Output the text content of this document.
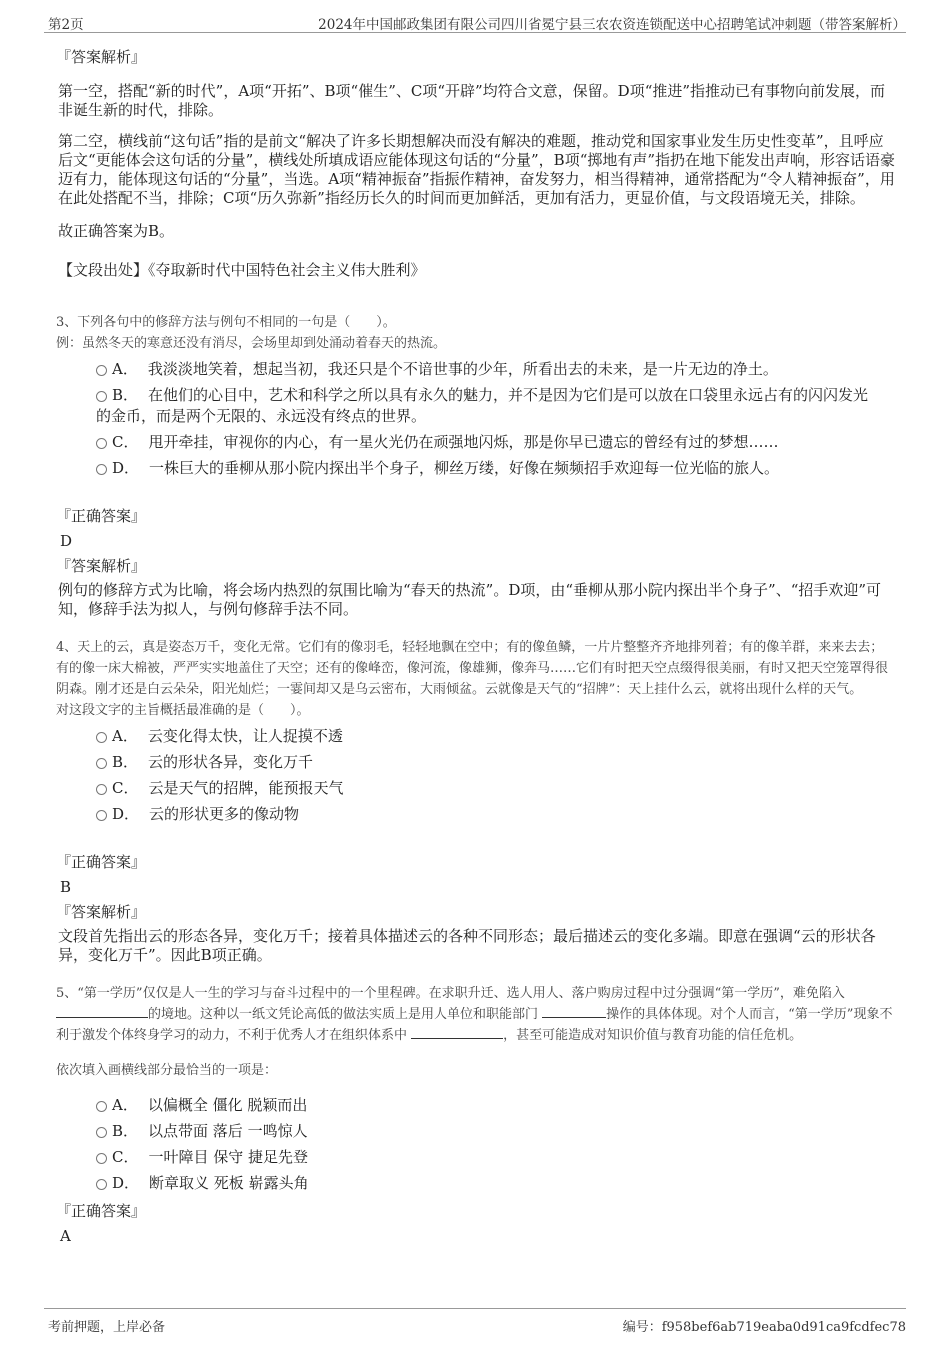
第2页	2024年中国邮政集团有限公司四川省冕宁县三农农资连锁配送中心招聘笔试冲刺题（带答案解析）
『答案解析』
第一空，搭配“新的时代”，A项“开拓”、B项“催生”、C项“开辟”均符合文意，保留。D项“推进”指推动已有事物向前发展，而非诞生新的时代，排除。
第二空，横线前“这句话”指的是前文“解决了许多长期想解决而没有解决的难题，推动党和国家事业发生历史性变革”，且呼应后文“更能体会这句话的分量”，横线处所填成语应能体现这句话的“分量”，B项“掷地有声”指扔在地下能发出声响，形容话语豪迈有力，能体现这句话的“分量”，当选。A项“精神振奋”指振作精神，奋发努力，相当得精神，通常搭配为“令人精神振奋”，用在此处搭配不当，排除；C项“历久弥新”指经历长久的时间而更加鲜活，更加有活力，更显价值，与文段语境无关，排除。
故正确答案为B。
【文段出处】《夺取新时代中国特色社会主义伟大胜利》
3、下列各句中的修辞方法与例句不相同的一句是（　　）。
例：虽然冬天的寒意还没有消尽，会场里却到处涌动着春天的热流。
A． 我淡淡地笑着，想起当初，我还只是个不谙世事的少年，所看出去的未来，是一片无边的净土。
B． 在他们的心目中，艺术和科学之所以具有永久的魅力，并不是因为它们是可以放在口袋里永远占有的闪闪发光
的金币，而是两个无限的、永远没有终点的世界。
C． 甩开牵挂，审视你的内心，有一星火光仍在顽强地闪烁，那是你早已遗忘的曾经有过的梦想……
D． 一株巨大的垂柳从那小院内探出半个身子，柳丝万缕，好像在频频招手欢迎每一位光临的旅人。
『正确答案』
D
『答案解析』
例句的修辞方式为比喻，将会场内热烈的氛围比喻为“春天的热流”。D项，由“垂柳从那小院内探出半个身子”、“招手欢迎”可知，修辞手法为拟人，与例句修辞手法不同。
4、天上的云，真是姿态万千，变化无常。它们有的像羽毛，轻轻地飘在空中；有的像鱼鳞，一片片整整齐齐地排列着；有的像羊群，来来去去；有的像一床大棉被，严严实实地盖住了天空；还有的像峰峦，像河流，像雄狮，像奔马……它们有时把天空点缀得很美丽，有时又把天空笼罩得很阴森。刚才还是白云朵朵，阳光灿烂；一霎间却又是乌云密布，大雨倾盆。云就像是天气的“招牌”：天上挂什么云，就将出现什么样的天气。
对这段文字的主旨概括最准确的是（　　）。
A． 云变化得太快，让人捉摸不透
B． 云的形状各异，变化万千
C． 云是天气的招牌，能预报天气
D． 云的形状更多的像动物
『正确答案』
B
『答案解析』
文段首先指出云的形态各异，变化万千；接着具体描述云的各种不同形态；最后描述云的变化多端。即意在强调“云的形状各异，变化万千”。因此B项正确。
5、“第一学历”仅仅是人一生的学习与奋斗过程中的一个里程碑。在求职升迁、选人用人、落户购房过程中过分强调“第一学历”，难免陷入 的境地。这种以一纸文凭论高低的做法实质上是用人单位和职能部门	操作的具体体现。对个人而言，“第一学历”现象不利于激发个体终身学习的动力，不利于优秀人才在组织体系中	，甚至可能造成对知识价值与教育功能的信任危机。
依次填入画横线部分最恰当的一项是：
A． 以偏概全 僵化 脱颖而出
B． 以点带面 落后 一鸣惊人
C． 一叶障目 保守 捷足先登
D． 断章取义 死板 崭露头角
『正确答案』
A
考前押题，上岸必备	编号：f958bef6ab719eaba0d91ca9fcdfec78
